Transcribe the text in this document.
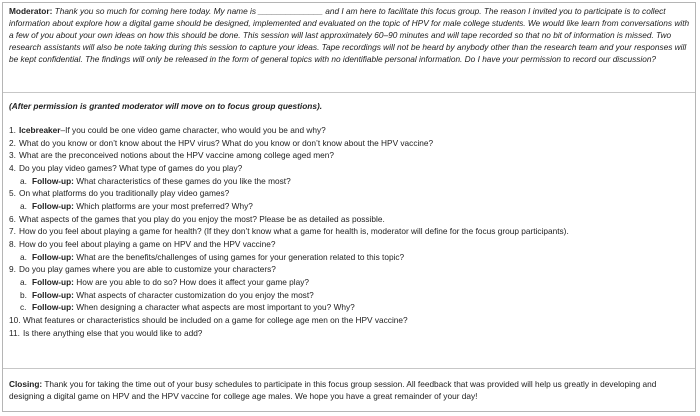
Moderator: Thank you so much for coming here today. My name is ______________ and I am here to facilitate this focus group. The reason I invited you to participate is to collect information about explore how a digital game should be designed, implemented and evaluated on the topic of HPV for male college students. We would like learn from conversations with a few of you about your own ideas on how this should be done. This session will last approximately 60–90 minutes and will tape recorded so that no bit of information is missed. Two research assistants will also be note taking during this session to capture your ideas. Tape recordings will not be heard by anybody other than the research team and your responses will be kept confidential. The findings will only be released in the form of general topics with no identifiable personal information. Do I have your permission to record our discussion?
(After permission is granted moderator will move on to focus group questions).
1. Icebreaker–If you could be one video game character, who would you be and why?
2. What do you know or don’t know about the HPV virus? What do you know or don’t know about the HPV vaccine?
3. What are the preconceived notions about the HPV vaccine among college aged men?
4. Do you play video games? What type of games do you play?
a. Follow-up: What characteristics of these games do you like the most?
5. On what platforms do you traditionally play video games?
a. Follow-up: Which platforms are your most preferred? Why?
6. What aspects of the games that you play do you enjoy the most? Please be as detailed as possible.
7. How do you feel about playing a game for health? (If they don’t know what a game for health is, moderator will define for the focus group participants).
8. How do you feel about playing a game on HPV and the HPV vaccine?
a. Follow-up: What are the benefits/challenges of using games for your generation related to this topic?
9. Do you play games where you are able to customize your characters?
a. Follow-up: How are you able to do so? How does it affect your game play?
b. Follow-up: What aspects of character customization do you enjoy the most?
c. Follow-up: When designing a character what aspects are most important to you? Why?
10. What features or characteristics should be included on a game for college age men on the HPV vaccine?
11. Is there anything else that you would like to add?
Closing: Thank you for taking the time out of your busy schedules to participate in this focus group session. All feedback that was provided will help us greatly in developing and designing a digital game on HPV and the HPV vaccine for college age males. We hope you have a great remainder of your day!
